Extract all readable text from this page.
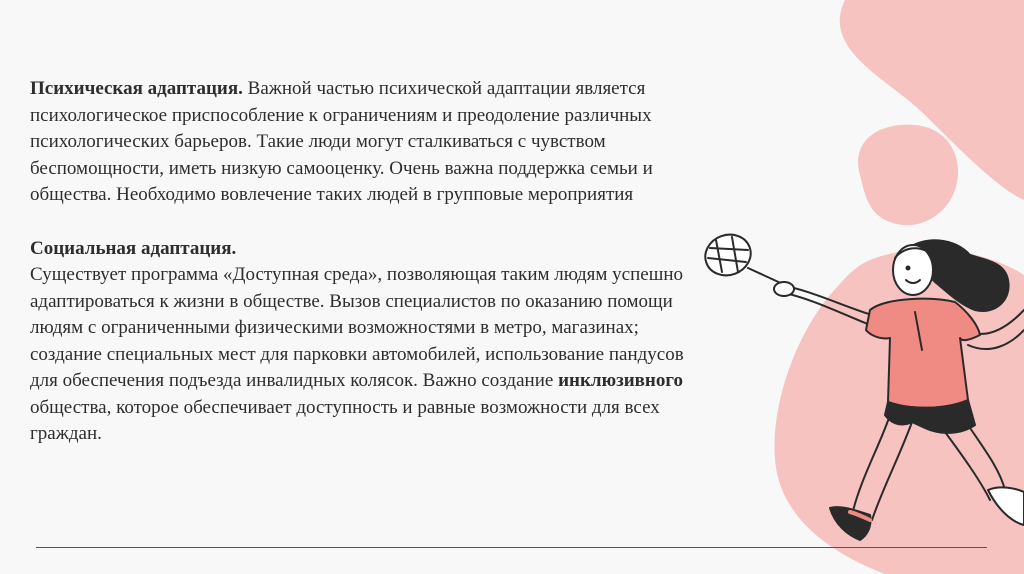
Психическая адаптация. Важной частью психической адаптации является психологическое приспособление к ограничениям и преодоление различных психологических барьеров. Такие люди могут сталкиваться с чувством беспомощности, иметь низкую самооценку. Очень важна поддержка семьи и общества. Необходимо вовлечение таких людей в групповые мероприятия

Социальная адаптация.

Существует программа «Доступная среда», позволяющая таким людям успешно адаптироваться к жизни в обществе. Вызов специалистов по оказанию помощи людям с ограниченными физическими возможностями в метро, магазинах; создание специальных мест для парковки автомобилей, использование пандусов для обеспечения подъезда инвалидных колясок. Важно создание инклюзивного общества, которое обеспечивает доступность и равные возможности для всех граждан.
